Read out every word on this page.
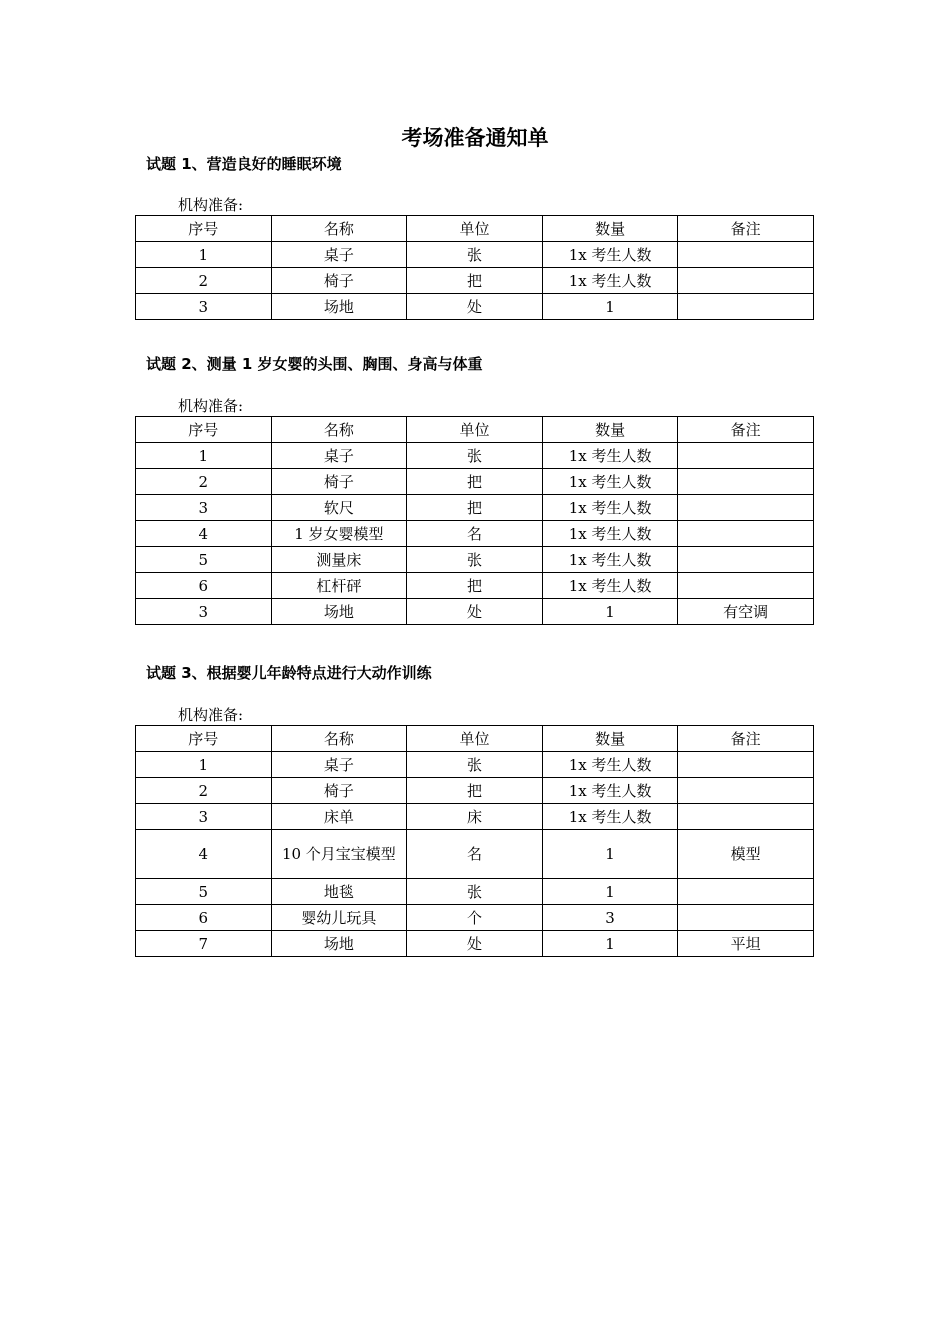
考场准备通知单
试题 1、营造良好的睡眠环境
机构准备:
序号	名称	单位	数量	备注
1	桌子	张	1x 考生人数	
2	椅子	把	1x 考生人数	
3	场地	处	1	
试题 2、测量 1 岁女婴的头围、胸围、身高与体重
机构准备:
序号	名称	单位	数量	备注
1	桌子	张	1x 考生人数	
2	椅子	把	1x 考生人数	
3	软尺	把	1x 考生人数	
4	1 岁女婴模型	名	1x 考生人数	
5	测量床	张	1x 考生人数	
6	杠杆砰	把	1x 考生人数	
3	场地	处	1	有空调
试题 3、根据婴儿年龄特点进行大动作训练
机构准备:
序号	名称	单位	数量	备注
1	桌子	张	1x 考生人数	
2	椅子	把	1x 考生人数	
3	床单	床	1x 考生人数	
4	10 个月宝宝模型	名	1	模型
5	地毯	张	1	
6	婴幼儿玩具	个	3	
7	场地	处	1	平坦
